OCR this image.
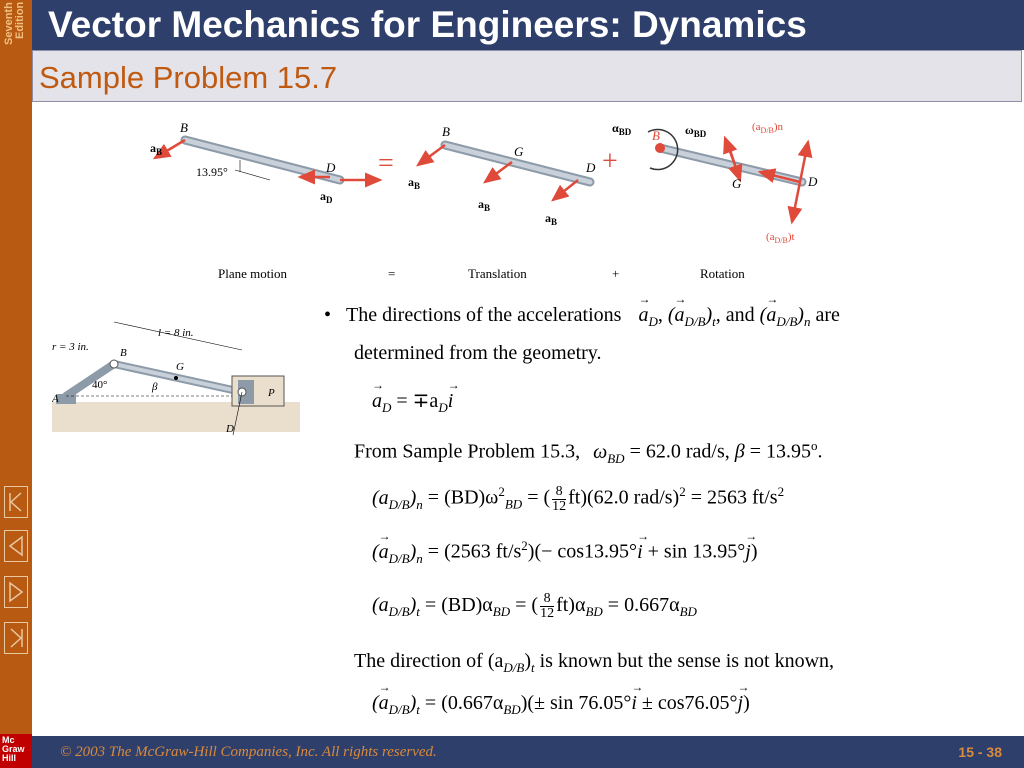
Seventh Edition
Mc Graw Hill
Vector Mechanics for Engineers: Dynamics
Sample Problem 15.7
B
$a_B$
13.95°	D
$a_D$
Plane motion
=
=
B
G
D
$a_B$
$a_B$
$a_B$
Translation
+
+
$\alpha_{BD}$ B $\omega_{BD}$
G	D
$(a_{D/B})n$
$(a_{D/B})t$
Rotation
r = 3 in.
l = 8 in.
40°	β
A
B
G
D
P
• The directions of the accelerations → $a_D$, (→ $a_{D/B})_t$, and (→ $a_{D/B})_n$ are
determined from the geometry.
→ $a_D = \mp a_D\to i$
From Sample Problem 15.3, $\omega_{BD} = 62.0$ rad/s, $\beta = 13.95^o$.
$(a_{D/B})_n = (BD)\omega^2_{BD}$ = ( $\frac{8}{12} ft)(62.0$ rad/s)$^2$ = 2563 $ft/s^2$
(→ $a_{D/B})_n = (2563$ $ft/s^2)(- \cos 13.95^\circ\to i + \sin 13.95^\circ\to j)$
$(a_{D/B})_t = (BD)\alpha_{BD}$ = ( $\frac{8}{12} ft)\alpha_{BD} = 0.667\alpha_{BD}$
The direction of $(a_{D/B})_t$ is known but the sense is not known,
(→ $a_{D/B})_t = (0.667\alpha_{BD})(\pm \sin 76.05^\circ\to i \pm \cos 76.05^\circ\to j)$
© 2003 The McGraw-Hill Companies, Inc. All rights reserved.	15 - 38
